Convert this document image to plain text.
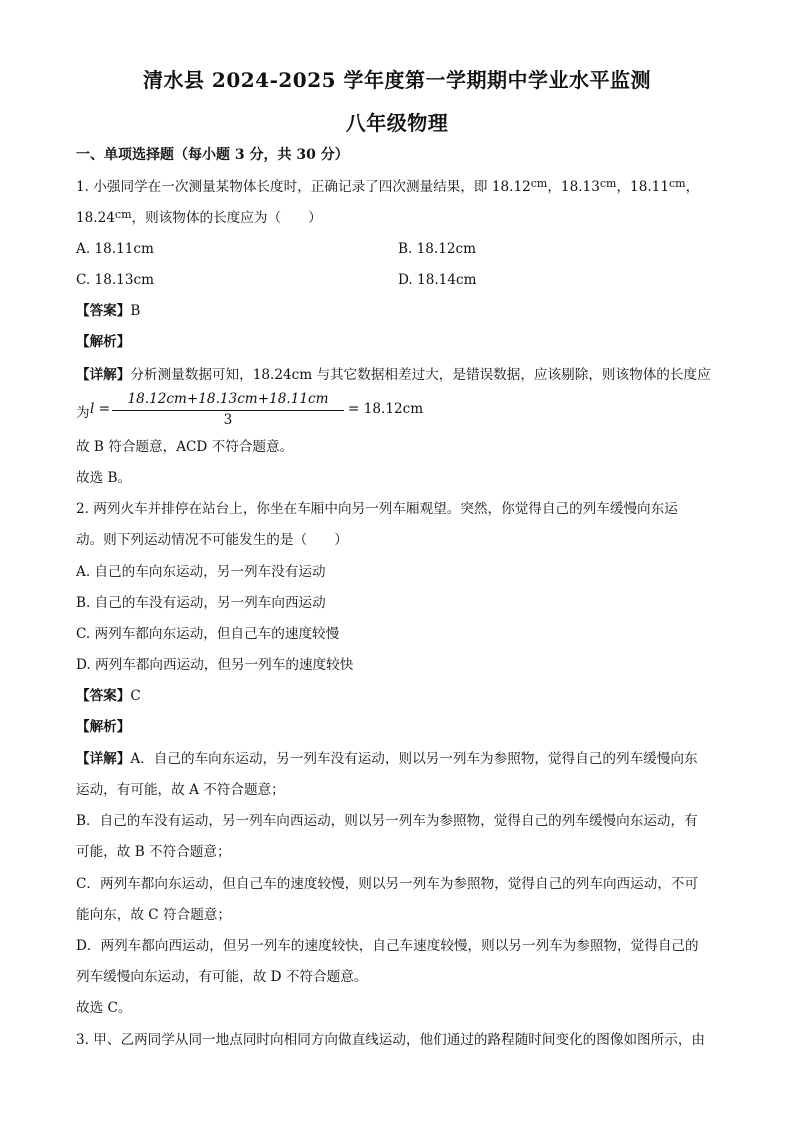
清水县 2024-2025 学年度第一学期期中学业水平监测
八年级物理
一、单项选择题（每小题 3 分，共 30 分）
1. 小强同学在一次测量某物体长度时，正确记录了四次测量结果，即 $18.12^{cm}$，$18.13^{cm}$，$18.11^{cm}$，
$18.24^{cm}$，则该物体的长度应为（　　）
A. 18.11cm	B. 18.12cm
C. 18.13cm	D. 18.14cm
【答案】B
【解析】
【详解】分析测量数据可知，18.24cm 与其它数据相差过大，是错误数据，应该剔除，则该物体的长度应
为 l =
18.12cm+18.13cm+18.11cm
3
= 18.12cm
故 B 符合题意，ACD 不符合题意。
故选 B。
2. 两列火车并排停在站台上，你坐在车厢中向另一列车厢观望。突然，你觉得自己的列车缓慢向东运
动。则下列运动情况不可能发生的是（　　）
A. 自己的车向东运动，另一列车没有运动
B. 自己的车没有运动，另一列车向西运动
C. 两列车都向东运动，但自己车的速度较慢
D. 两列车都向西运动，但另一列车的速度较快
【答案】C
【解析】
【详解】A．自己的车向东运动，另一列车没有运动，则以另一列车为参照物，觉得自己的列车缓慢向东
运动，有可能，故 A 不符合题意；
B．自己的车没有运动，另一列车向西运动，则以另一列车为参照物，觉得自己的列车缓慢向东运动，有
可能，故 B 不符合题意；
C．两列车都向东运动，但自己车的速度较慢，则以另一列车为参照物，觉得自己的列车向西运动，不可
能向东，故 C 符合题意；
D．两列车都向西运动，但另一列车的速度较快，自己车速度较慢，则以另一列车为参照物，觉得自己的
列车缓慢向东运动，有可能，故 D 不符合题意。
故选 C。
3. 甲、乙两同学从同一地点同时向相同方向做直线运动，他们通过的路程随时间变化的图像如图所示，由
